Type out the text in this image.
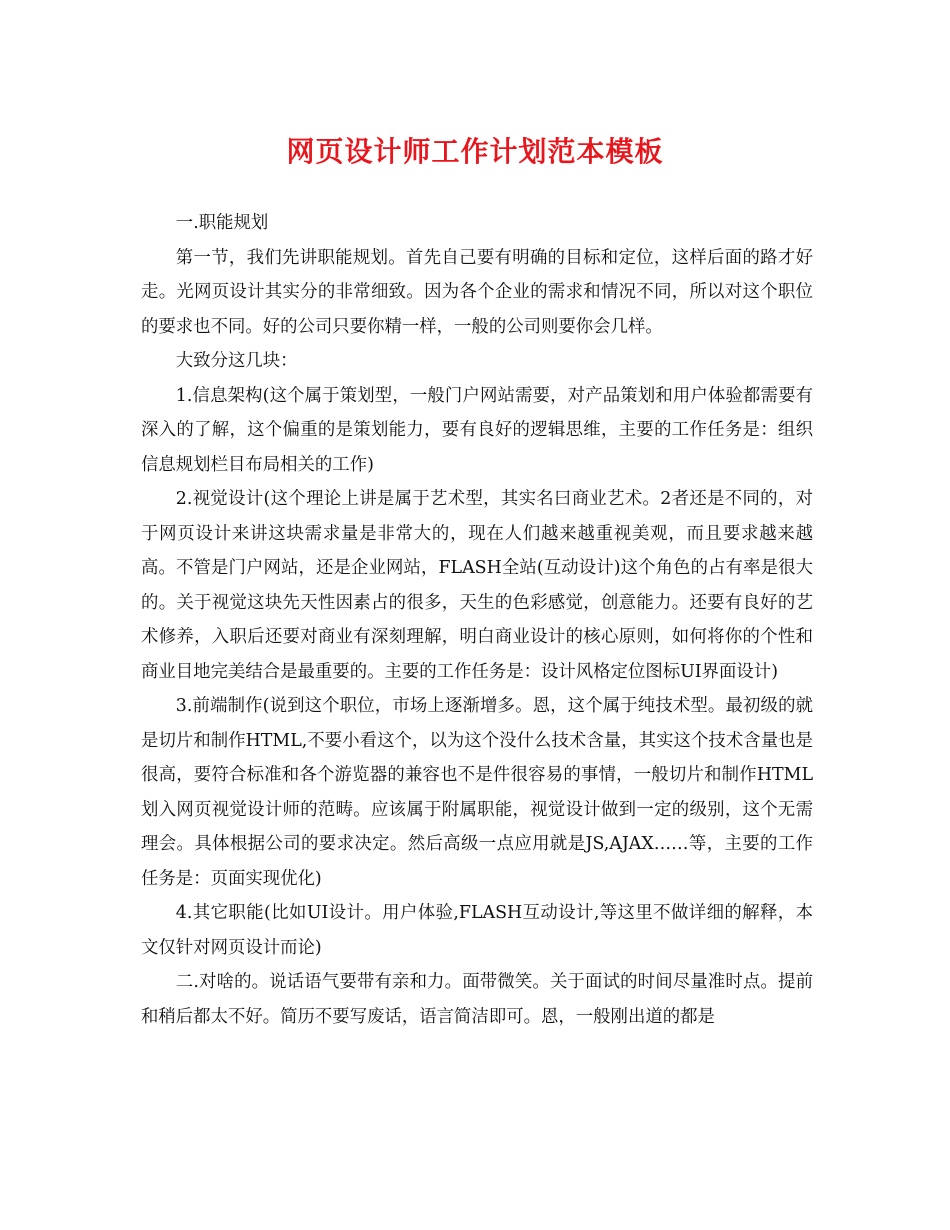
网页设计师工作计划范本模板

一.职能规划

第一节，我们先讲职能规划。首先自己要有明确的目标和定位，这样后面的路才好走。光网页设计其实分的非常细致。因为各个企业的需求和情况不同，所以对这个职位的要求也不同。好的公司只要你精一样，一般的公司则要你会几样。

大致分这几块：

1.信息架构(这个属于策划型，一般门户网站需要，对产品策划和用户体验都需要有深入的了解，这个偏重的是策划能力，要有良好的逻辑思维，主要的工作任务是：组织信息规划栏目布局相关的工作)

2.视觉设计(这个理论上讲是属于艺术型，其实名曰商业艺术。2者还是不同的，对于网页设计来讲这块需求量是非常大的，现在人们越来越重视美观，而且要求越来越高。不管是门户网站，还是企业网站，FLASH全站(互动设计)这个角色的占有率是很大的。关于视觉这块先天性因素占的很多，天生的色彩感觉，创意能力。还要有良好的艺术修养，入职后还要对商业有深刻理解，明白商业设计的核心原则，如何将你的个性和商业目地完美结合是最重要的。主要的工作任务是：设计风格定位图标UI界面设计)

3.前端制作(说到这个职位，市场上逐渐增多。恩，这个属于纯技术型。最初级的就是切片和制作HTML,不要小看这个，以为这个没什么技术含量，其实这个技术含量也是很高，要符合标准和各个游览器的兼容也不是件很容易的事情，一般切片和制作HTML划入网页视觉设计师的范畴。应该属于附属职能，视觉设计做到一定的级别，这个无需理会。具体根据公司的要求决定。然后高级一点应用就是JS,AJAX……等，主要的工作任务是：页面实现优化)

4.其它职能(比如UI设计。用户体验,FLASH互动设计,等这里不做详细的解释，本文仅针对网页设计而论)

二.对啥的。说话语气要带有亲和力。面带微笑。关于面试的时间尽量准时点。提前和稍后都太不好。简历不要写废话，语言简洁即可。恩，一般刚出道的都是
